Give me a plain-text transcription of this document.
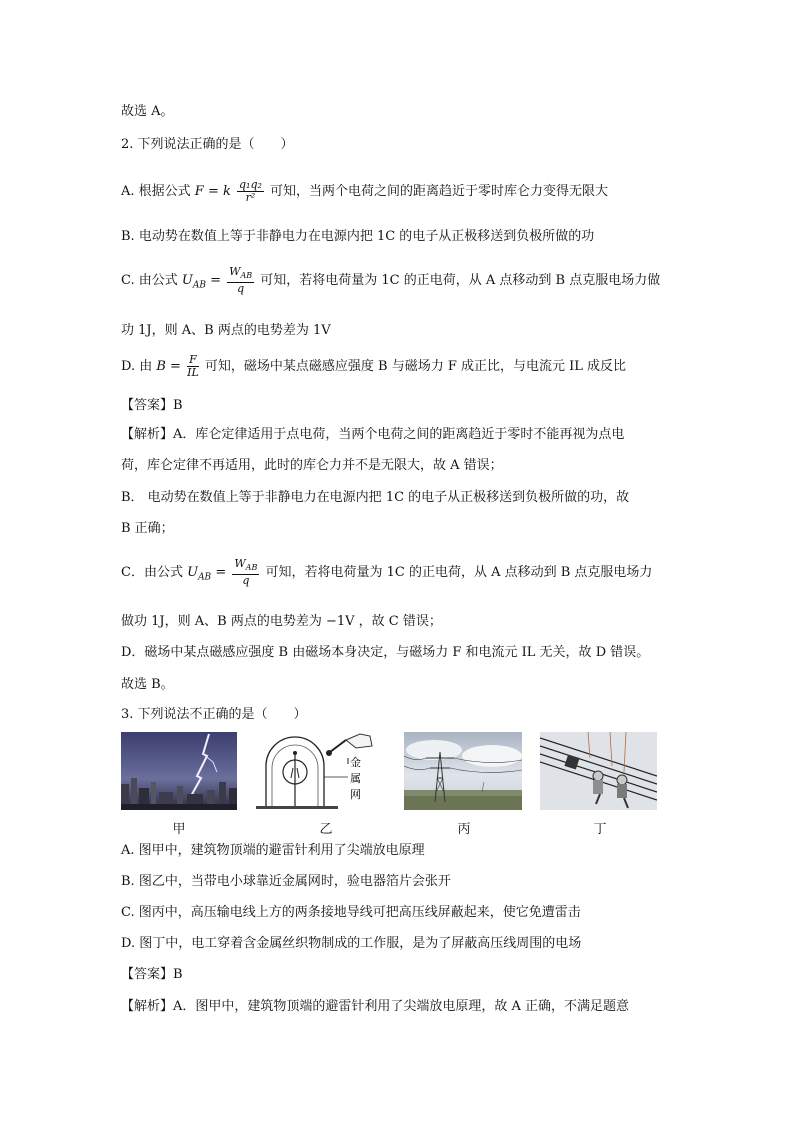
故选 A。
2. 下列说法正确的是（　　）
A. 根据公式 F = k $\frac{\text{q₁q₂}}{\text{r²}}$ 可知，当两个电荷之间的距离趋近于零时库仑力变得无限大
B. 电动势在数值上等于非静电力在电源内把 1C 的电子从正极移送到负极所做的功
C. 由公式 $U_{AB} = \frac{W_{AB}}{q}$ 可知，若将电荷量为 1C 的正电荷，从 A 点移动到 B 点克服电场力做
功 1J，则 A、B 两点的电势差为 1V
D. 由 $B = \frac{F}{IL}$ 可知，磁场中某点磁感应强度 B 与磁场力 F 成正比，与电流元 IL 成反比
【答案】B
【解析】A．库仑定律适用于点电荷，当两个电荷之间的距离趋近于零时不能再视为点电
荷，库仑定律不再适用，此时的库仑力并不是无限大，故 A 错误；
B． 电动势在数值上等于非静电力在电源内把 1C 的电子从正极移送到负极所做的功，故
B 正确；
C．由公式 $U_{AB} = \frac{W_{AB}}{q}$ 可知，若将电荷量为 1C 的正电荷，从 A 点移动到 B 点克服电场力
做功 1J，则 A、B 两点的电势差为 −1V ，故 C 错误；
D．磁场中某点磁感应强度 B 由磁场本身决定，与磁场力 F 和电流元 IL 无关，故 D 错误。
故选 B。
3. 下列说法不正确的是（　　）
金
属
网
甲	乙	丙	丁
A. 图甲中，建筑物顶端的避雷针利用了尖端放电原理
B. 图乙中，当带电小球靠近金属网时，验电器箔片会张开
C. 图丙中，高压输电线上方的两条接地导线可把高压线屏蔽起来，使它免遭雷击
D. 图丁中，电工穿着含金属丝织物制成的工作服，是为了屏蔽高压线周围的电场
【答案】B
【解析】A．图甲中，建筑物顶端的避雷针利用了尖端放电原理，故 A 正确，不满足题意
